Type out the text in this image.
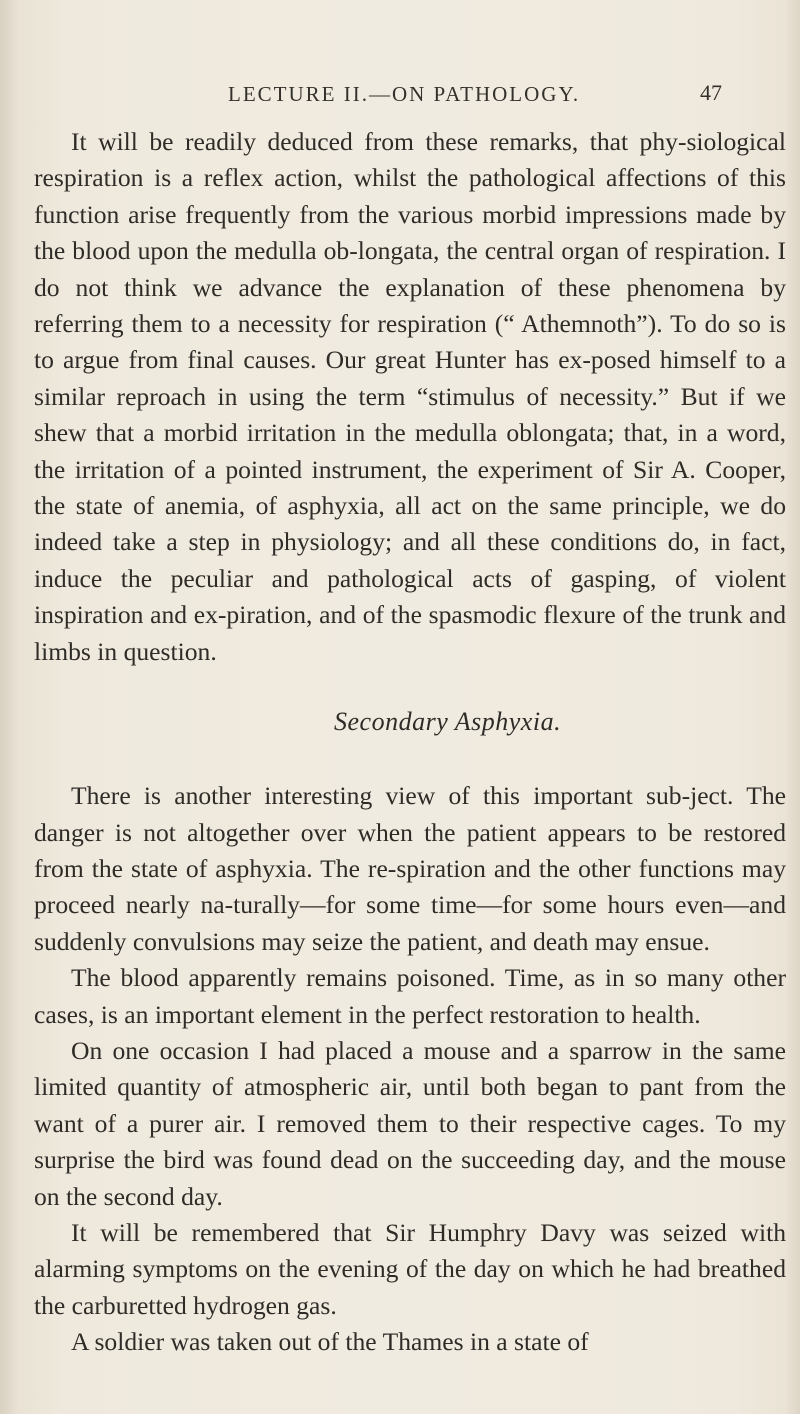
LECTURE II.—ON PATHOLOGY.	47

It will be readily deduced from these remarks, that phy-siological respiration is a reflex action, whilst the pathological affections of this function arise frequently from the various morbid impressions made by the blood upon the medulla ob-longata, the central organ of respiration. I do not think we advance the explanation of these phenomena by referring them to a necessity for respiration (“ Athemnoth”). To do so is to argue from final causes. Our great Hunter has ex-posed himself to a similar reproach in using the term “stimulus of necessity.” But if we shew that a morbid irritation in the medulla oblongata; that, in a word, the irritation of a pointed instrument, the experiment of Sir A. Cooper, the state of anemia, of asphyxia, all act on the same principle, we do indeed take a step in physiology; and all these conditions do, in fact, induce the peculiar and pathological acts of gasping, of violent inspiration and ex-piration, and of the spasmodic flexure of the trunk and limbs in question.

Secondary Asphyxia.

There is another interesting view of this important sub-ject. The danger is not altogether over when the patient appears to be restored from the state of asphyxia. The re-spiration and the other functions may proceed nearly na-turally—for some time—for some hours even—and suddenly convulsions may seize the patient, and death may ensue.

The blood apparently remains poisoned. Time, as in so many other cases, is an important element in the perfect restoration to health.

On one occasion I had placed a mouse and a sparrow in the same limited quantity of atmospheric air, until both began to pant from the want of a purer air. I removed them to their respective cages. To my surprise the bird was found dead on the succeeding day, and the mouse on the second day.

It will be remembered that Sir Humphry Davy was seized with alarming symptoms on the evening of the day on which he had breathed the carburetted hydrogen gas.

A soldier was taken out of the Thames in a state of
